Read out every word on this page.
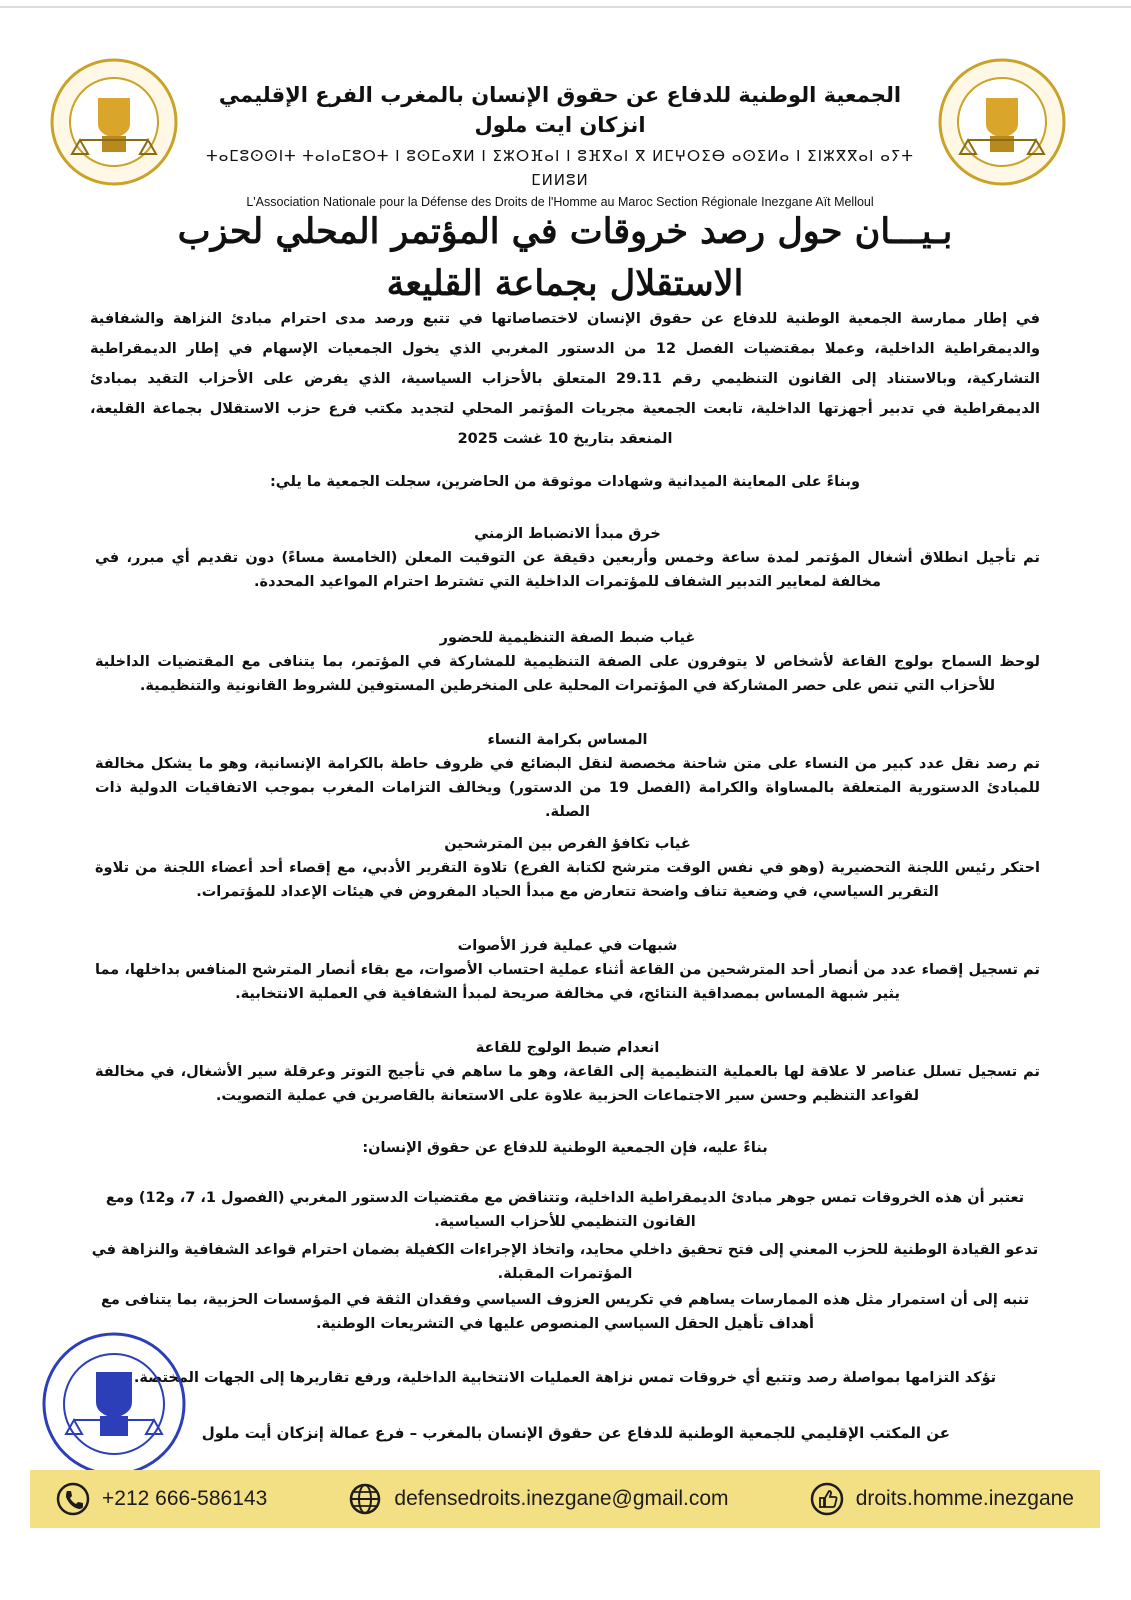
الجمعية الوطنية للدفاع عن حقوق الإنسان بالمغرب الفرع الإقليمي انزكان ايت ملول
ⵜⴰⵎⵓⵙⵙⵏⵜ ⵜⴰⵏⴰⵎⵓⵔⵜ ⵏ ⵓⵙⵎⴰⴳⵍ ⵏ ⵉⵣⵔⴼⴰⵏ ⵏ ⵓⴼⴳⴰⵏ ⴳ ⵍⵎⵖⵔⵉⴱ ⴰⵙⵉⵍⴰ ⵏ ⵉⵏⵣⴳⴳⴰⵏ ⴰⵢⵜ ⵎⵍⵍⵓⵍ
L'Association Nationale pour la Défense des Droits de l'Homme au Maroc Section Régionale Inezgane Aït Melloul
بـيـــان حول رصد خروقات في المؤتمر المحلي لحزب الاستقلال بجماعة القليعة
في إطار ممارسة الجمعية الوطنية للدفاع عن حقوق الإنسان لاختصاصاتها في تتبع ورصد مدى احترام مبادئ النزاهة والشفافية والديمقراطية الداخلية، وعملا بمقتضيات الفصل 12 من الدستور المغربي الذي يخول الجمعيات الإسهام في إطار الديمقراطية التشاركية، وبالاستناد إلى القانون التنظيمي رقم 29.11 المتعلق بالأحزاب السياسية، الذي يفرض على الأحزاب التقيد بمبادئ الديمقراطية في تدبير أجهزتها الداخلية، تابعت الجمعية مجريات المؤتمر المحلي لتجديد مكتب فرع حزب الاستقلال بجماعة القليعة، المنعقد بتاريخ 10 غشت 2025
وبناءً على المعاينة الميدانية وشهادات موثوقة من الحاضرين، سجلت الجمعية ما يلي:
خرق مبدأ الانضباط الزمني
تم تأجيل انطلاق أشغال المؤتمر لمدة ساعة وخمس وأربعين دقيقة عن التوقيت المعلن (الخامسة مساءً) دون تقديم أي مبرر، في مخالفة لمعايير التدبير الشفاف للمؤتمرات الداخلية التي تشترط احترام المواعيد المحددة.
غياب ضبط الصفة التنظيمية للحضور
لوحظ السماح بولوج القاعة لأشخاص لا يتوفرون على الصفة التنظيمية للمشاركة في المؤتمر، بما يتنافى مع المقتضيات الداخلية للأحزاب التي تنص على حصر المشاركة في المؤتمرات المحلية على المنخرطين المستوفين للشروط القانونية والتنظيمية.
المساس بكرامة النساء
تم رصد نقل عدد كبير من النساء على متن شاحنة مخصصة لنقل البضائع في ظروف حاطة بالكرامة الإنسانية، وهو ما يشكل مخالفة للمبادئ الدستورية المتعلقة بالمساواة والكرامة (الفصل 19 من الدستور) ويخالف التزامات المغرب بموجب الاتفاقيات الدولية ذات الصلة.
غياب تكافؤ الفرص بين المترشحين
احتكر رئيس اللجنة التحضيرية (وهو في نفس الوقت مترشح لكتابة الفرع) تلاوة التقرير الأدبي، مع إقصاء أحد أعضاء اللجنة من تلاوة التقرير السياسي، في وضعية تناف واضحة تتعارض مع مبدأ الحياد المفروض في هيئات الإعداد للمؤتمرات.
شبهات في عملية فرز الأصوات
تم تسجيل إقصاء عدد من أنصار أحد المترشحين من القاعة أثناء عملية احتساب الأصوات، مع بقاء أنصار المترشح المنافس بداخلها، مما يثير شبهة المساس بمصداقية النتائج، في مخالفة صريحة لمبدأ الشفافية في العملية الانتخابية.
انعدام ضبط الولوج للقاعة
تم تسجيل تسلل عناصر لا علاقة لها بالعملية التنظيمية إلى القاعة، وهو ما ساهم في تأجيج التوتر وعرقلة سير الأشغال، في مخالفة لقواعد التنظيم وحسن سير الاجتماعات الحزبية علاوة على الاستعانة بالقاصرين في عملية التصويت.
بناءً عليه، فإن الجمعية الوطنية للدفاع عن حقوق الإنسان:
تعتبر أن هذه الخروقات تمس جوهر مبادئ الديمقراطية الداخلية، وتتناقض مع مقتضيات الدستور المغربي (الفصول 1، 7، و12) ومع القانون التنظيمي للأحزاب السياسية.
تدعو القيادة الوطنية للحزب المعني إلى فتح تحقيق داخلي محايد، واتخاذ الإجراءات الكفيلة بضمان احترام قواعد الشفافية والنزاهة في المؤتمرات المقبلة.
تنبه إلى أن استمرار مثل هذه الممارسات يساهم في تكريس العزوف السياسي وفقدان الثقة في المؤسسات الحزبية، بما يتنافى مع أهداف تأهيل الحقل السياسي المنصوص عليها في التشريعات الوطنية.
تؤكد التزامها بمواصلة رصد وتتبع أي خروقات تمس نزاهة العمليات الانتخابية الداخلية، ورفع تقاريرها إلى الجهات المختصة.
عن المكتب الإقليمي للجمعية الوطنية للدفاع عن حقوق الإنسان بالمغرب – فرع عمالة إنزكان أيت ملول
+212 666-586143	defensedroits.inezgane@gmail.com	droits.homme.inezgane
